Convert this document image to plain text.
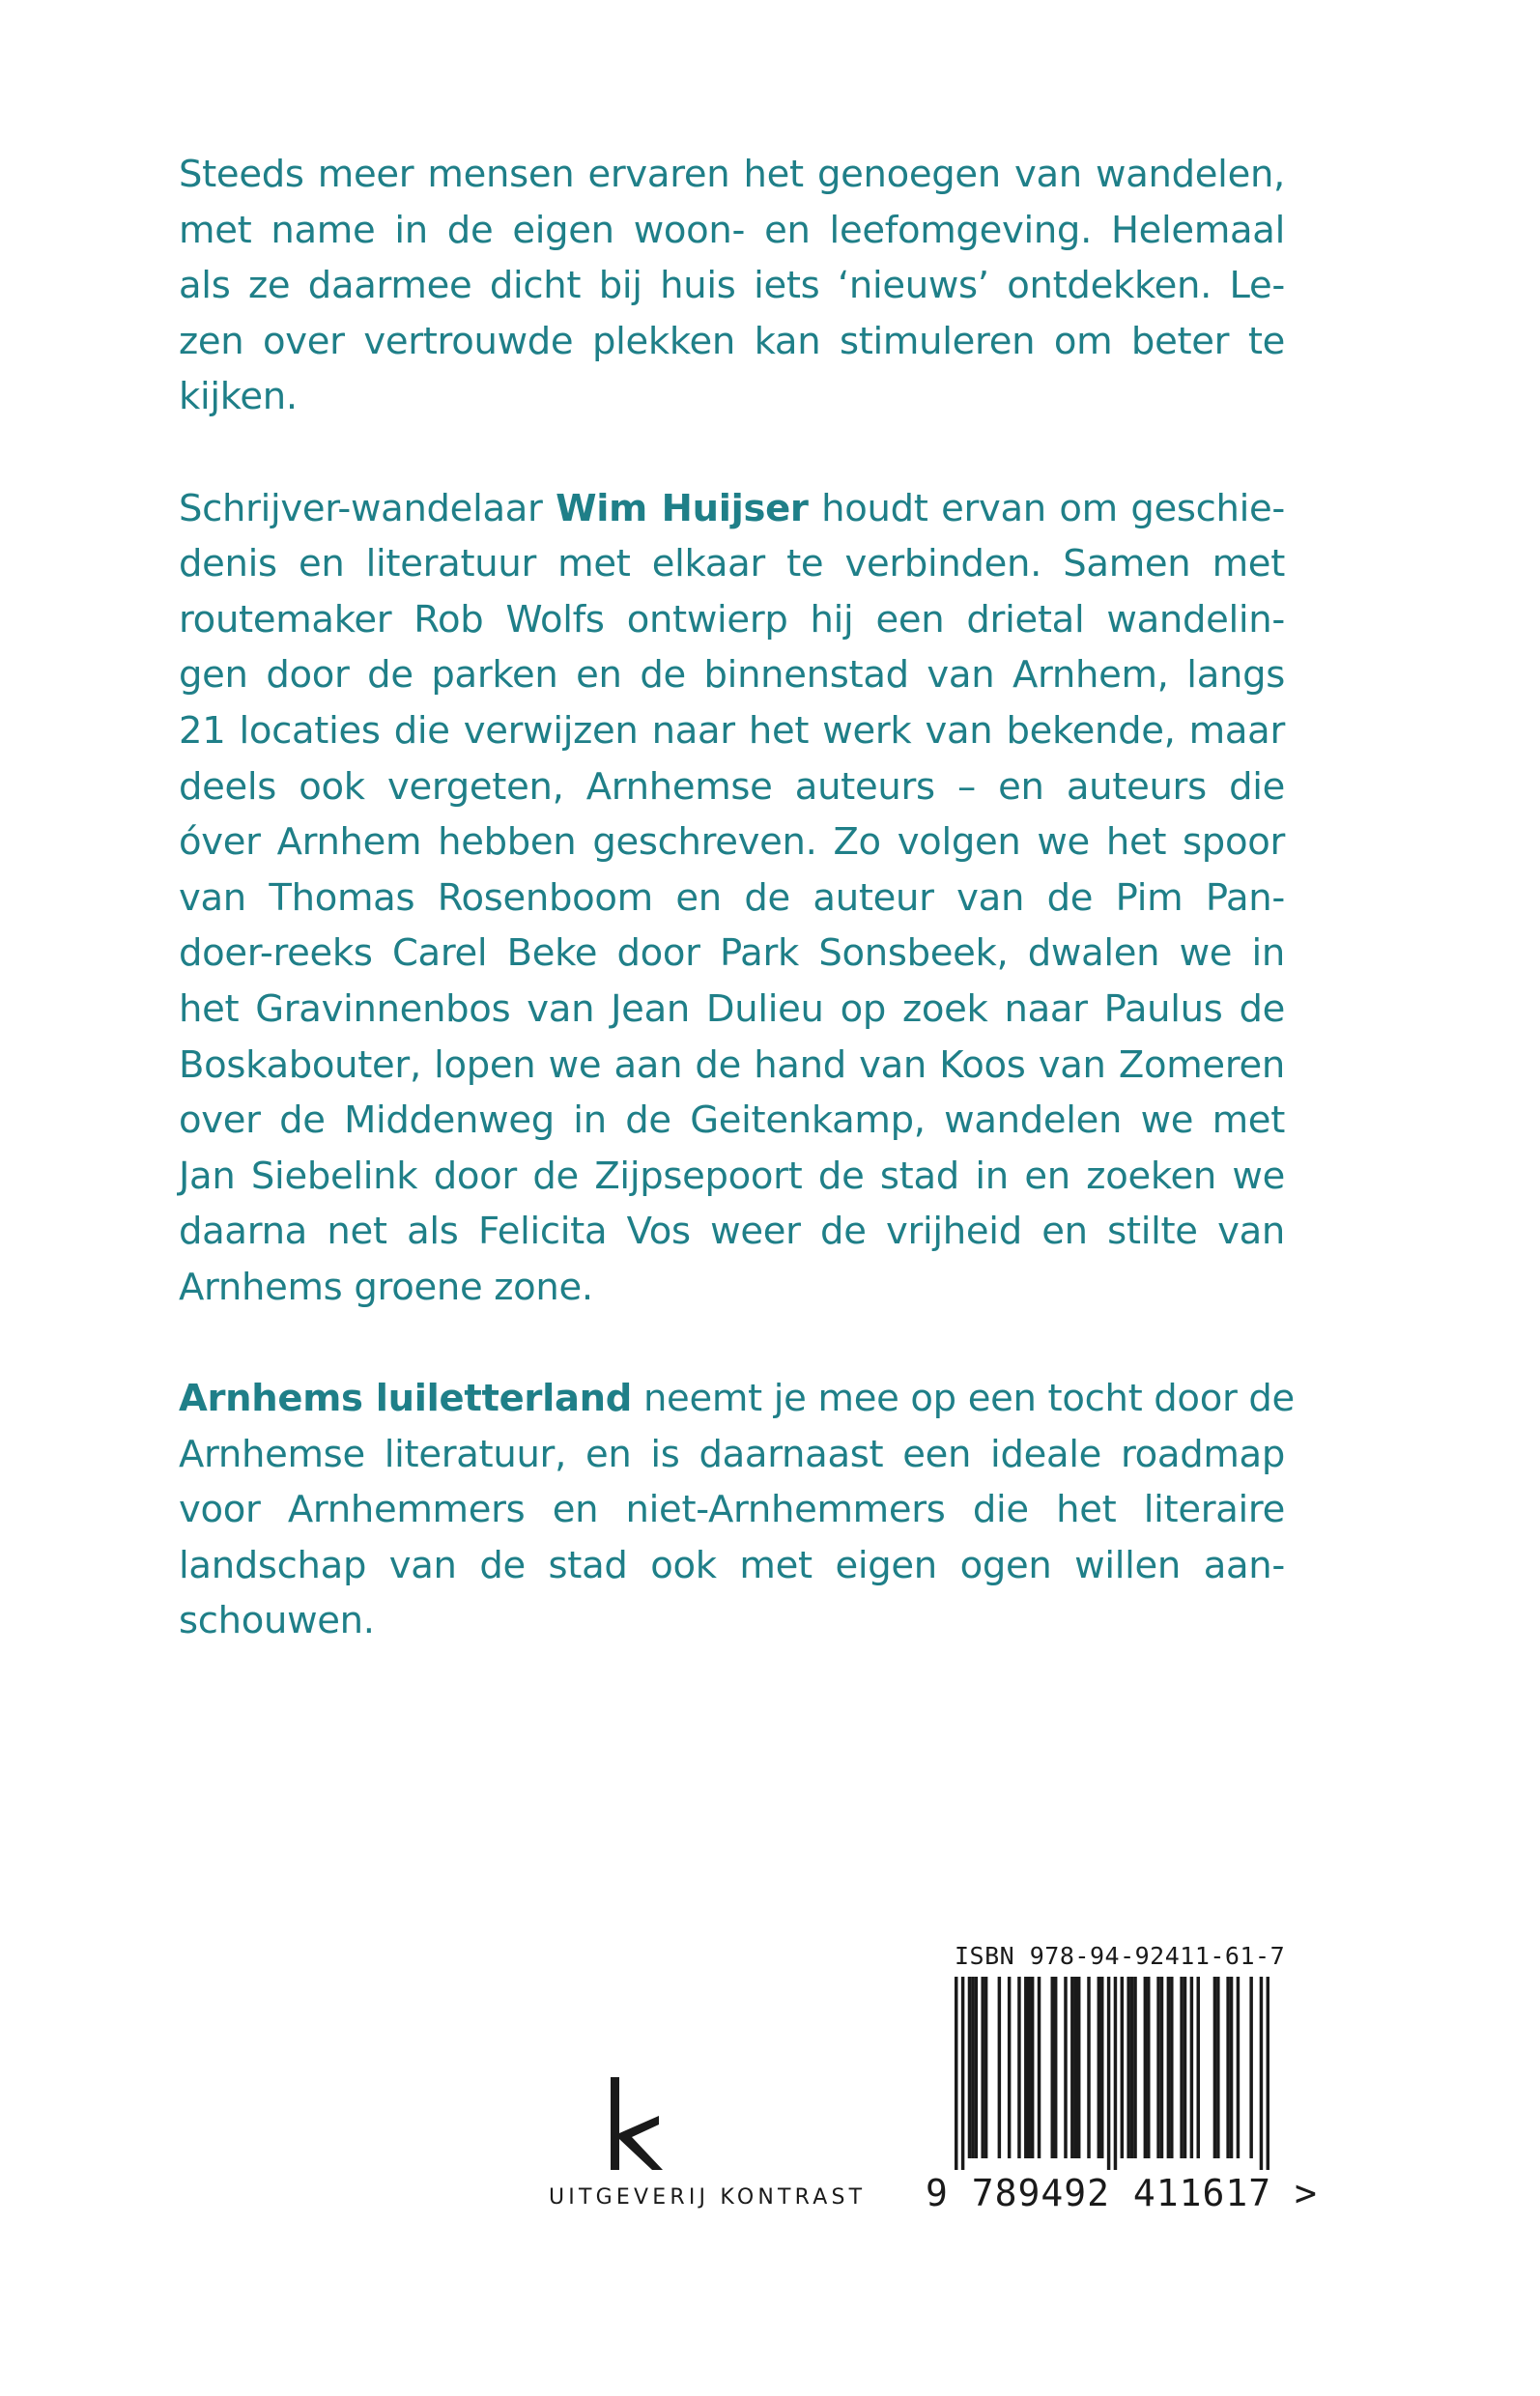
Steeds meer mensen ervaren het genoegen van wandelen,
met name in de eigen woon- en leefomgeving. Helemaal
als ze daarmee dicht bij huis iets ‘nieuws’ ontdekken. Le-
zen over vertrouwde plekken kan stimuleren om beter te
kijken.

Schrijver-wandelaar Wim Huijser houdt ervan om geschie-
denis en literatuur met elkaar te verbinden. Samen met
routemaker Rob Wolfs ontwierp hij een drietal wandelin-
gen door de parken en de binnenstad van Arnhem, langs
21 locaties die verwijzen naar het werk van bekende, maar
deels ook vergeten, Arnhemse auteurs – en auteurs die
óver Arnhem hebben geschreven. Zo volgen we het spoor
van Thomas Rosenboom en de auteur van de Pim Pan-
doer-reeks Carel Beke door Park Sonsbeek, dwalen we in
het Gravinnenbos van Jean Dulieu op zoek naar Paulus de
Boskabouter, lopen we aan de hand van Koos van Zomeren
over de Middenweg in de Geitenkamp, wandelen we met
Jan Siebelink door de Zijpsepoort de stad in en zoeken we
daarna net als Felicita Vos weer de vrijheid en stilte van
Arnhems groene zone.

Arnhems luiletterland neemt je mee op een tocht door de
Arnhemse literatuur, en is daarnaast een ideale roadmap
voor Arnhemmers en niet-Arnhemmers die het literaire
landschap van de stad ook met eigen ogen willen aan-
schouwen.

UITGEVERIJ KONTRAST
ISBN 978-94-92411-61-7
9 789492 411617 >
